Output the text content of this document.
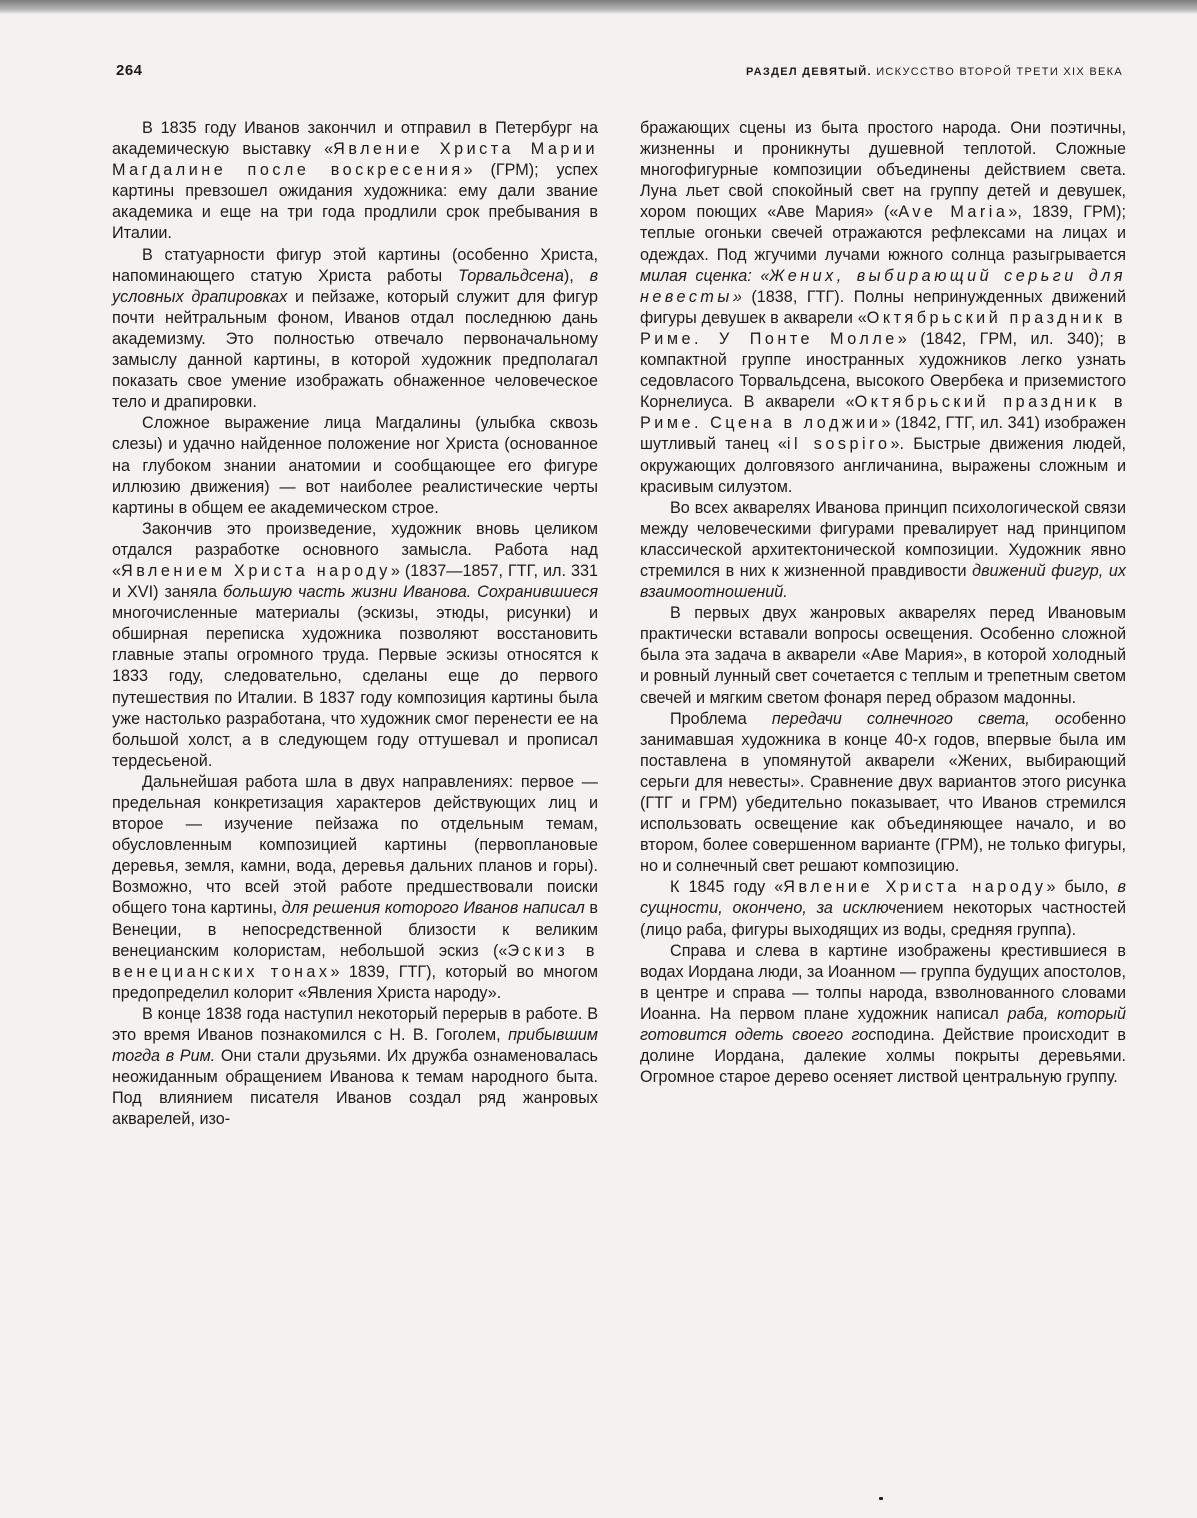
264	РАЗДЕЛ ДЕВЯТЫЙ. ИСКУССТВО ВТОРОЙ ТРЕТИ XIX ВЕКА

В 1835 году Иванов закончил и отправил в Петербург на академическую выставку «Явление Христа Марии Магдалине после воскресения» (ГРМ); успех картины превзошел ожидания художника: ему дали звание академика и еще на три года продлили срок пребывания в Италии.

В статуарности фигур этой картины (особенно Христа, напоминающего статую Христа работы Торвальдсена), в условных драпировках и пейзаже, который служит для фигур почти нейтральным фоном, Иванов отдал последнюю дань академизму. Это полностью отвечало первоначальному замыслу данной картины, в которой художник предполагал показать свое умение изображать обнаженное человеческое тело и драпировки.

Сложное выражение лица Магдалины (улыбка сквозь слезы) и удачно найденное положение ног Христа (основанное на глубоком знании анатомии и сообщающее его фигуре иллюзию движения) — вот наиболее реалистические черты картины в общем ее академическом строе.

Закончив это произведение, художник вновь целиком отдался разработке основного замысла. Работа над «Явлением Христа народу» (1837—1857, ГТГ, ил. 331 и XVI) заняла большую часть жизни Иванова. Сохранившиеся многочисленные материалы (эскизы, этюды, рисунки) и обширная переписка художника позволяют восстановить главные этапы огромного труда. Первые эскизы относятся к 1833 году, следовательно, сделаны еще до первого путешествия по Италии. В 1837 году композиция картины была уже настолько разработана, что художник смог перенести ее на большой холст, а в следующем году оттушевал и прописал тердесьеной.

Дальнейшая работа шла в двух направлениях: первое — предельная конкретизация характеров действующих лиц и второе — изучение пейзажа по отдельным темам, обусловленным композицией картины (первоплановые деревья, земля, камни, вода, деревья дальних планов и горы). Возможно, что всей этой работе предшествовали поиски общего тона картины, для решения которого Иванов написал в Венеции, в непосредственной близости к великим венецианским колористам, небольшой эскиз («Эскиз в венецианских тонах» 1839, ГТГ), который во многом предопределил колорит «Явления Христа народу».

В конце 1838 года наступил некоторый перерыв в работе. В это время Иванов познакомился с Н. В. Гоголем, прибывшим тогда в Рим. Они стали друзьями. Их дружба ознаменовалась неожиданным обращением Иванова к темам народного быта. Под влиянием писателя Иванов создал ряд жанровых акварелей, изо-

бражающих сцены из быта простого народа. Они поэтичны, жизненны и проникнуты душевной теплотой. Сложные многофигурные композиции объединены действием света. Луна льет свой спокойный свет на группу детей и девушек, хором поющих «Аве Мария» («Ave Maria», 1839, ГРМ); теплые огоньки свечей отражаются рефлексами на лицах и одеждах. Под жгучими лучами южного солнца разыгрывается милая сценка: «Жених, выбирающий серьги для невесты» (1838, ГТГ). Полны непринужденных движений фигуры девушек в акварели «Октябрьский праздник в Риме. У Понте Молле» (1842, ГРМ, ил. 340); в компактной группе иностранных художников легко узнать седовласого Торвальдсена, высокого Овербека и приземистого Корнелиуса. В акварели «Октябрьский праздник в Риме. Сцена в лоджии» (1842, ГТГ, ил. 341) изображен шутливый танец «il sospiro». Быстрые движения людей, окружающих долговязого англичанина, выражены сложным и красивым силуэтом.

Во всех акварелях Иванова принцип психологической связи между человеческими фигурами превалирует над принципом классической архитектонической композиции. Художник явно стремился в них к жизненной правдивости движений фигур, их взаимоотношений.

В первых двух жанровых акварелях перед Ивановым практически вставали вопросы освещения. Особенно сложной была эта задача в акварели «Аве Мария», в которой холодный и ровный лунный свет сочетается с теплым и трепетным светом свечей и мягким светом фонаря перед образом мадонны.

Проблема передачи солнечного света, особенно занимавшая художника в конце 40-х годов, впервые была им поставлена в упомянутой акварели «Жених, выбирающий серьги для невесты». Сравнение двух вариантов этого рисунка (ГТГ и ГРМ) убедительно показывает, что Иванов стремился использовать освещение как объединяющее начало, и во втором, более совершенном варианте (ГРМ), не только фигуры, но и солнечный свет решают композицию.

К 1845 году «Явление Христа народу» было, в сущности, окончено, за исключением некоторых частностей (лицо раба, фигуры выходящих из воды, средняя группа).

Справа и слева в картине изображены крестившиеся в водах Иордана люди, за Иоанном — группа будущих апостолов, в центре и справа — толпы народа, взволнованного словами Иоанна. На первом плане художник написал раба, который готовится одеть своего господина. Действие происходит в долине Иордана, далекие холмы покрыты деревьями. Огромное старое дерево осеняет листвой центральную группу.
